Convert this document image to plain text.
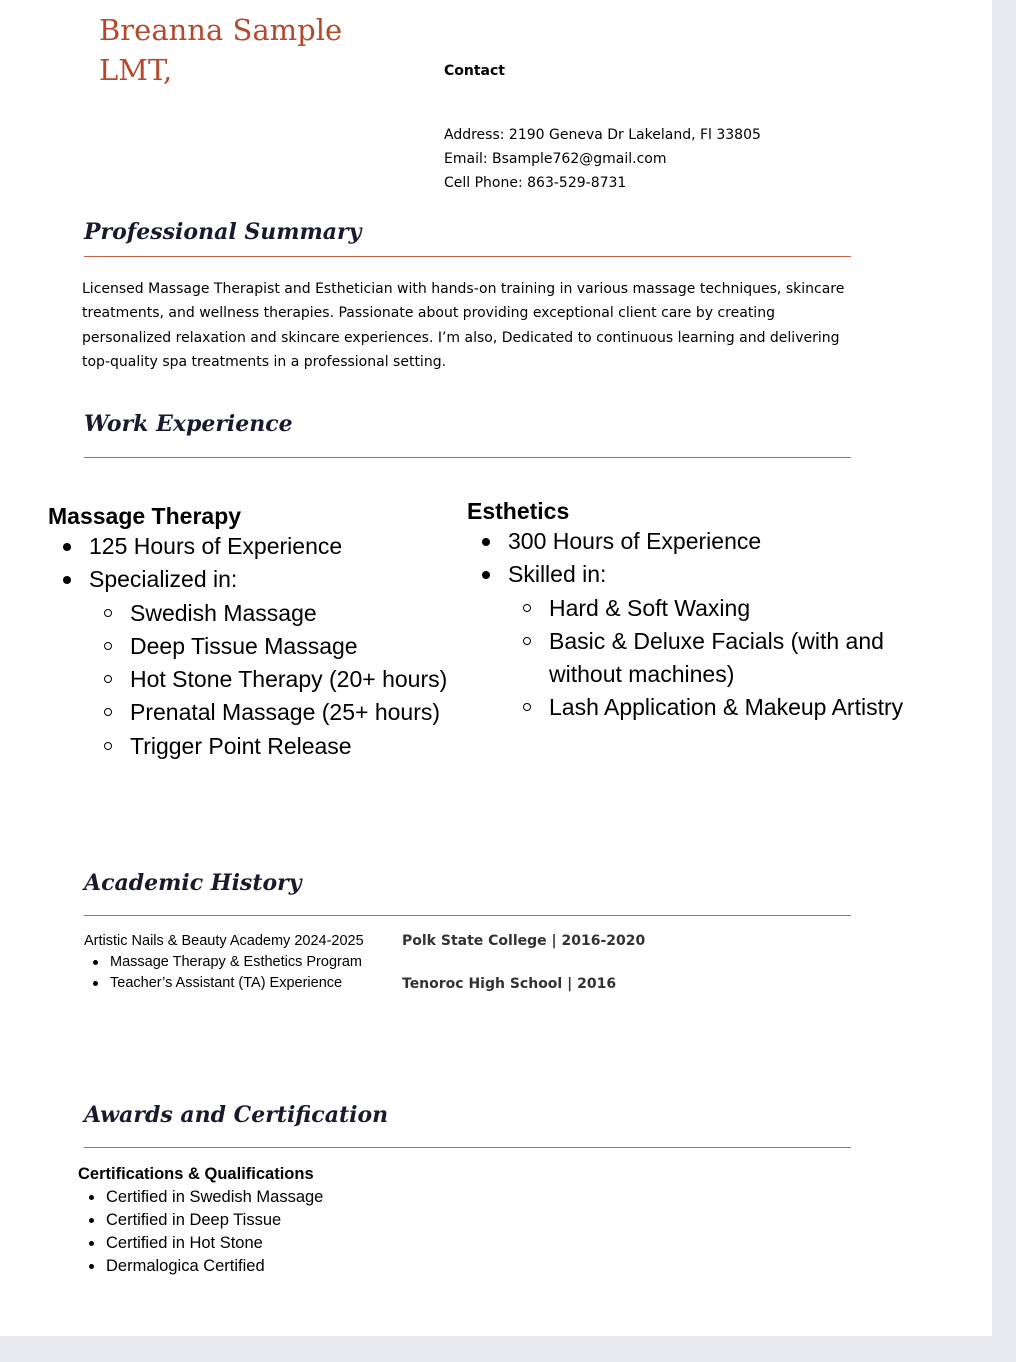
Breanna Sample
LMT,	Contact
Address: 2190 Geneva Dr Lakeland, Fl 33805
Email: Bsample762@gmail.com
Cell Phone: 863-529-8731
Professional Summary
Licensed Massage Therapist and Esthetician with hands-on training in various massage techniques, skincare treatments, and wellness therapies. Passionate about providing exceptional client care by creating personalized relaxation and skincare experiences. I’m also, Dedicated to continuous learning and delivering top-quality spa treatments in a professional setting.
Work Experience
Massage Therapy
125 Hours of Experience
Specialized in:
Swedish Massage
Deep Tissue Massage
Hot Stone Therapy (20+ hours)
Prenatal Massage (25+ hours)
Trigger Point Release
Esthetics
300 Hours of Experience
Skilled in:
Hard & Soft Waxing
Basic & Deluxe Facials (with and without machines)
Lash Application & Makeup Artistry
Academic History
Artistic Nails & Beauty Academy 2024-2025
Massage Therapy & Esthetics Program
Teacher’s Assistant (TA) Experience
Polk State College | 2016-2020
Tenoroc High School | 2016
Awards and Certification
Certifications & Qualifications
Certified in Swedish Massage
Certified in Deep Tissue
Certified in Hot Stone
Dermalogica Certified
